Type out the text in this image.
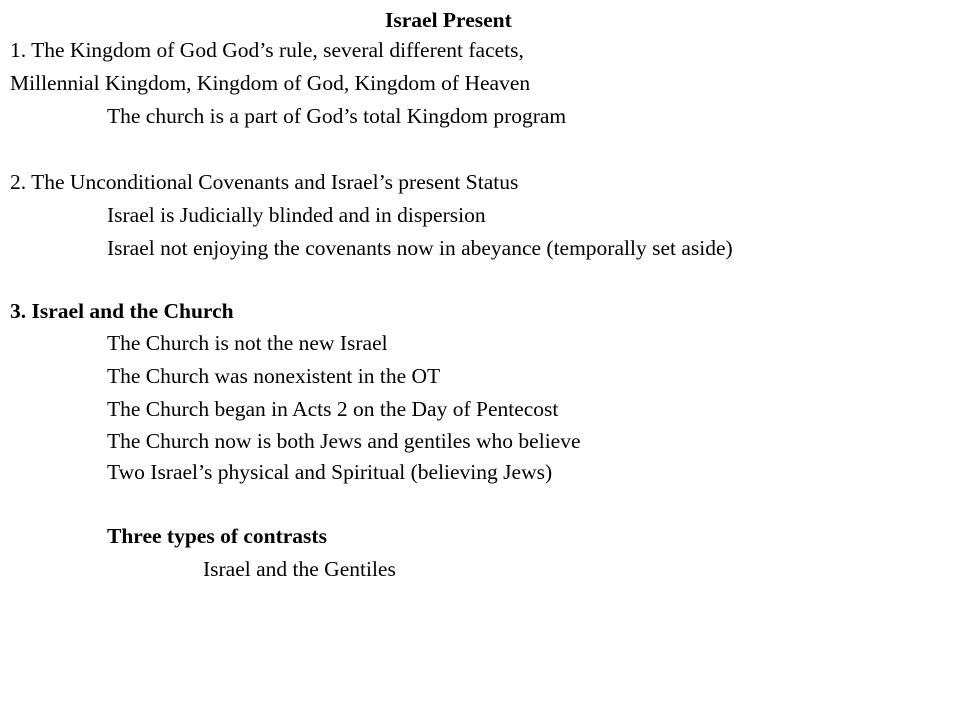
Israel Present
1. The Kingdom of God God’s rule, several different facets,
Millennial Kingdom, Kingdom of God, Kingdom of Heaven
The church is a part of God’s total Kingdom program
2. The Unconditional Covenants and Israel’s present Status
Israel is Judicially blinded and in dispersion
Israel not enjoying the covenants now in abeyance (temporally set aside)
3. Israel and the Church
The Church is not the new Israel
The Church was nonexistent in the OT
The Church began in Acts 2 on the Day of Pentecost
The Church now is both Jews and gentiles who believe
Two Israel’s physical and Spiritual (believing Jews)
Three types of contrasts
Israel and the Gentiles
